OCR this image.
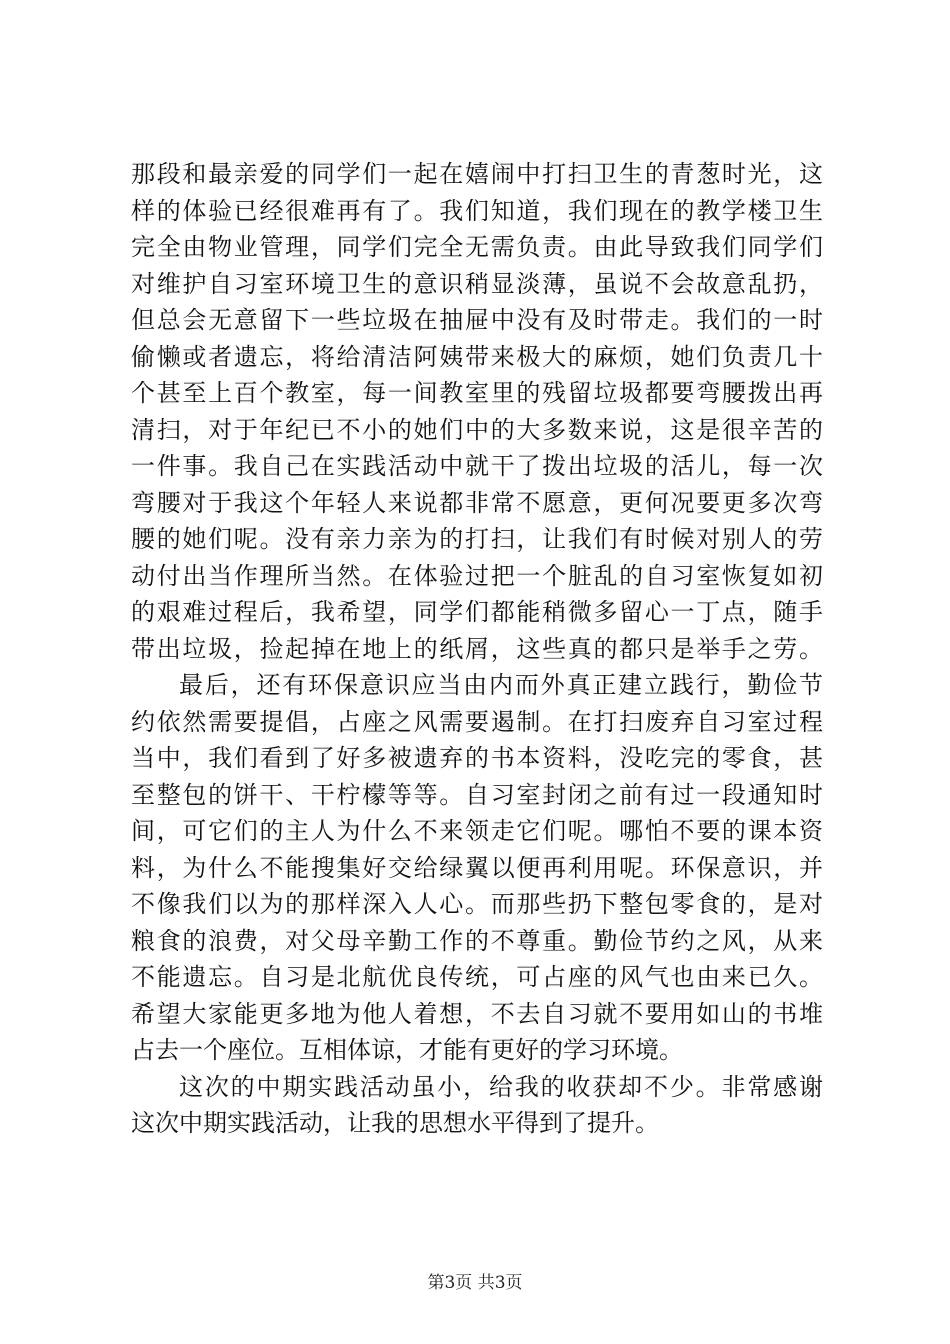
那段和最亲爱的同学们一起在嬉闹中打扫卫生的青葱时光，这
样的体验已经很难再有了。我们知道，我们现在的教学楼卫生
完全由物业管理，同学们完全无需负责。由此导致我们同学们
对维护自习室环境卫生的意识稍显淡薄，虽说不会故意乱扔，
但总会无意留下一些垃圾在抽屉中没有及时带走。我们的一时
偷懒或者遗忘，将给清洁阿姨带来极大的麻烦，她们负责几十
个甚至上百个教室，每一间教室里的残留垃圾都要弯腰拨出再
清扫，对于年纪已不小的她们中的大多数来说，这是很辛苦的
一件事。我自己在实践活动中就干了拨出垃圾的活儿，每一次
弯腰对于我这个年轻人来说都非常不愿意，更何况要更多次弯
腰的她们呢。没有亲力亲为的打扫，让我们有时候对别人的劳
动付出当作理所当然。在体验过把一个脏乱的自习室恢复如初
的艰难过程后，我希望，同学们都能稍微多留心一丁点，随手
带出垃圾，捡起掉在地上的纸屑，这些真的都只是举手之劳。
最后，还有环保意识应当由内而外真正建立践行，勤俭节
约依然需要提倡，占座之风需要遏制。在打扫废弃自习室过程
当中，我们看到了好多被遗弃的书本资料，没吃完的零食，甚
至整包的饼干、干柠檬等等。自习室封闭之前有过一段通知时
间，可它们的主人为什么不来领走它们呢。哪怕不要的课本资
料，为什么不能搜集好交给绿翼以便再利用呢。环保意识，并
不像我们以为的那样深入人心。而那些扔下整包零食的，是对
粮食的浪费，对父母辛勤工作的不尊重。勤俭节约之风，从来
不能遗忘。自习是北航优良传统，可占座的风气也由来已久。
希望大家能更多地为他人着想，不去自习就不要用如山的书堆
占去一个座位。互相体谅，才能有更好的学习环境。
这次的中期实践活动虽小，给我的收获却不少。非常感谢
这次中期实践活动，让我的思想水平得到了提升。
第3页 共3页
